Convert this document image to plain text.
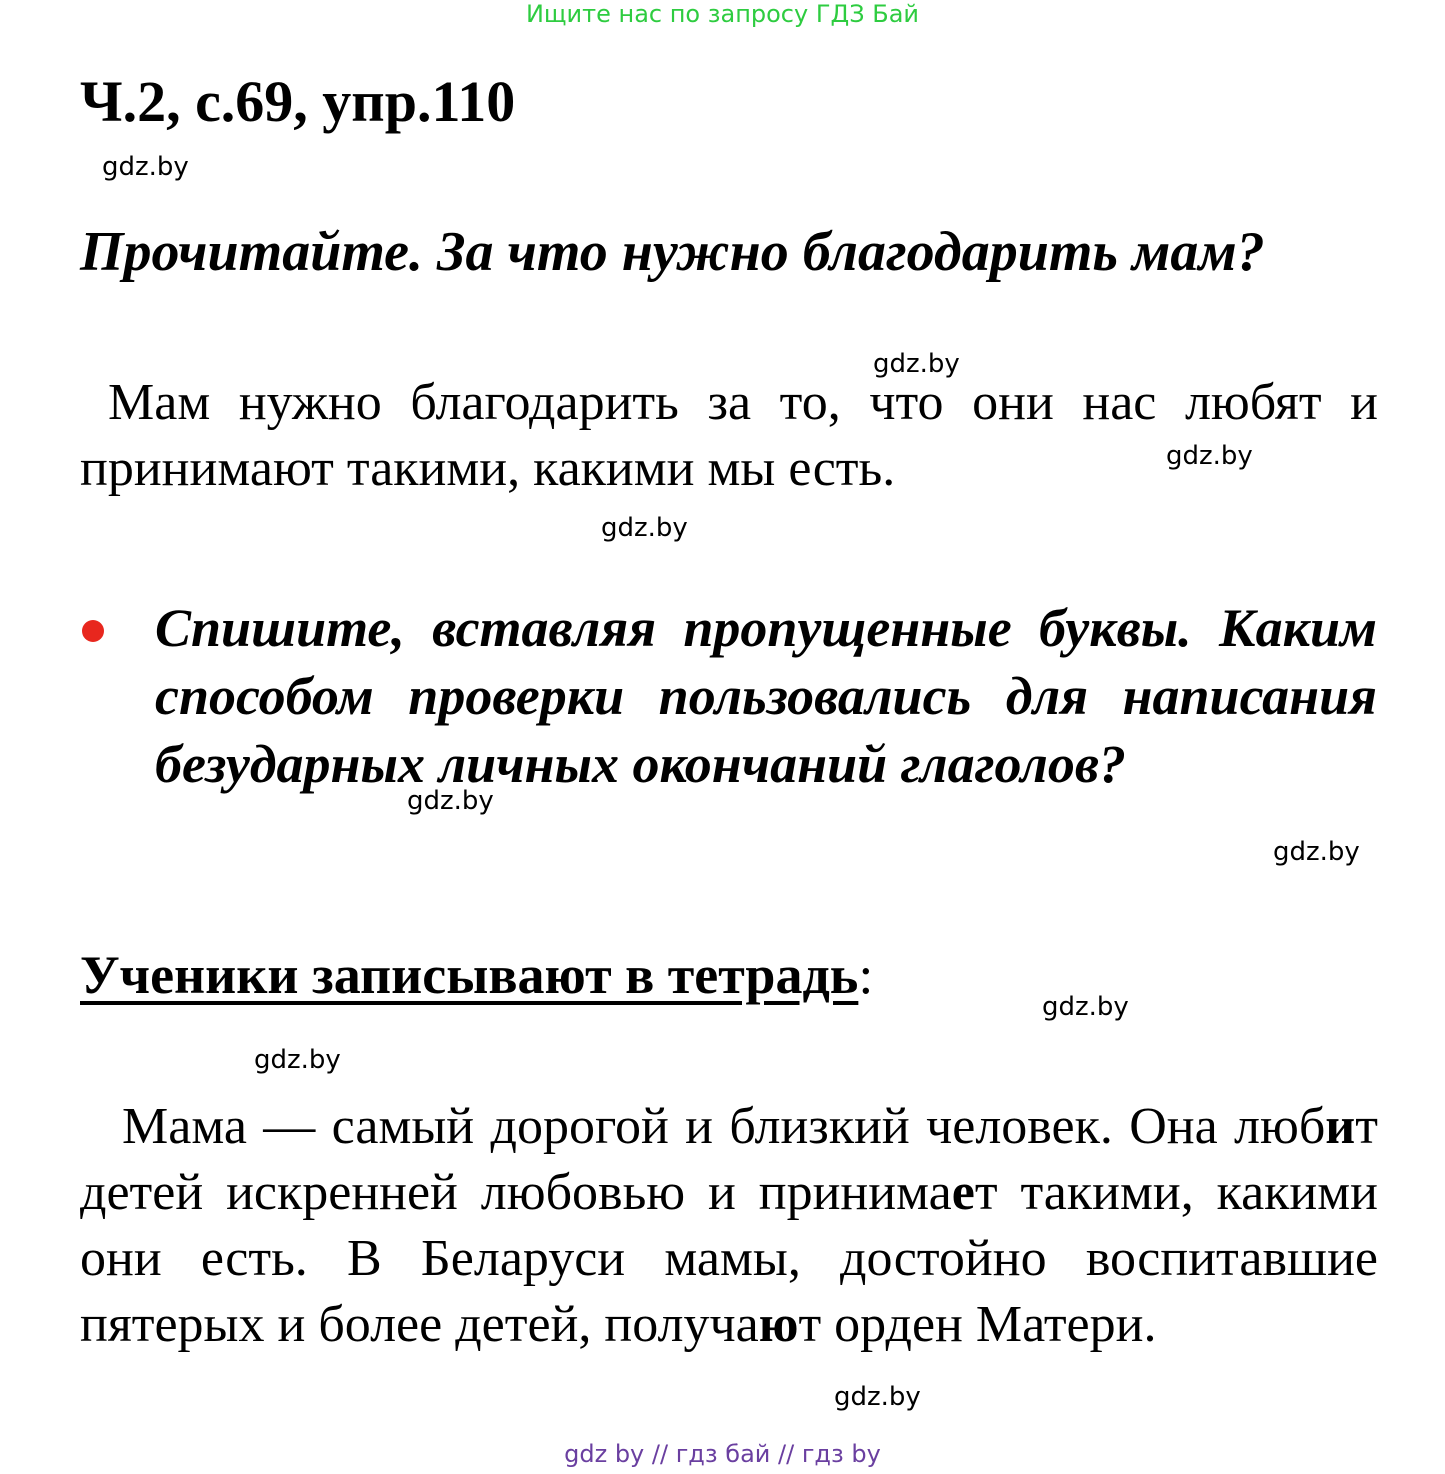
Ищите нас по запросу ГДЗ Бай
Ч.2, с.69, упр.110
gdz.by
Прочитайте. За что нужно благодарить мам?
gdz.by
Мам нужно благодарить за то, что они нас любят и принимают такими, какими мы есть.	gdz.by
gdz.by
Спишите, вставляя пропущенные буквы. Каким способом проверки пользовались для написания безударных личных окончаний глаголов?
gdz.by
gdz.by
Ученики записывают в тетрадь:
gdz.by
gdz.by
Мама — самый дорогой и близкий человек. Она любит детей искренней любовью и принимает такими, какими они есть. В Беларуси мамы, достойно воспитавшие пятерых и более детей, получают орден Матери.
gdz.by
gdz by // гдз бай // гдз by
